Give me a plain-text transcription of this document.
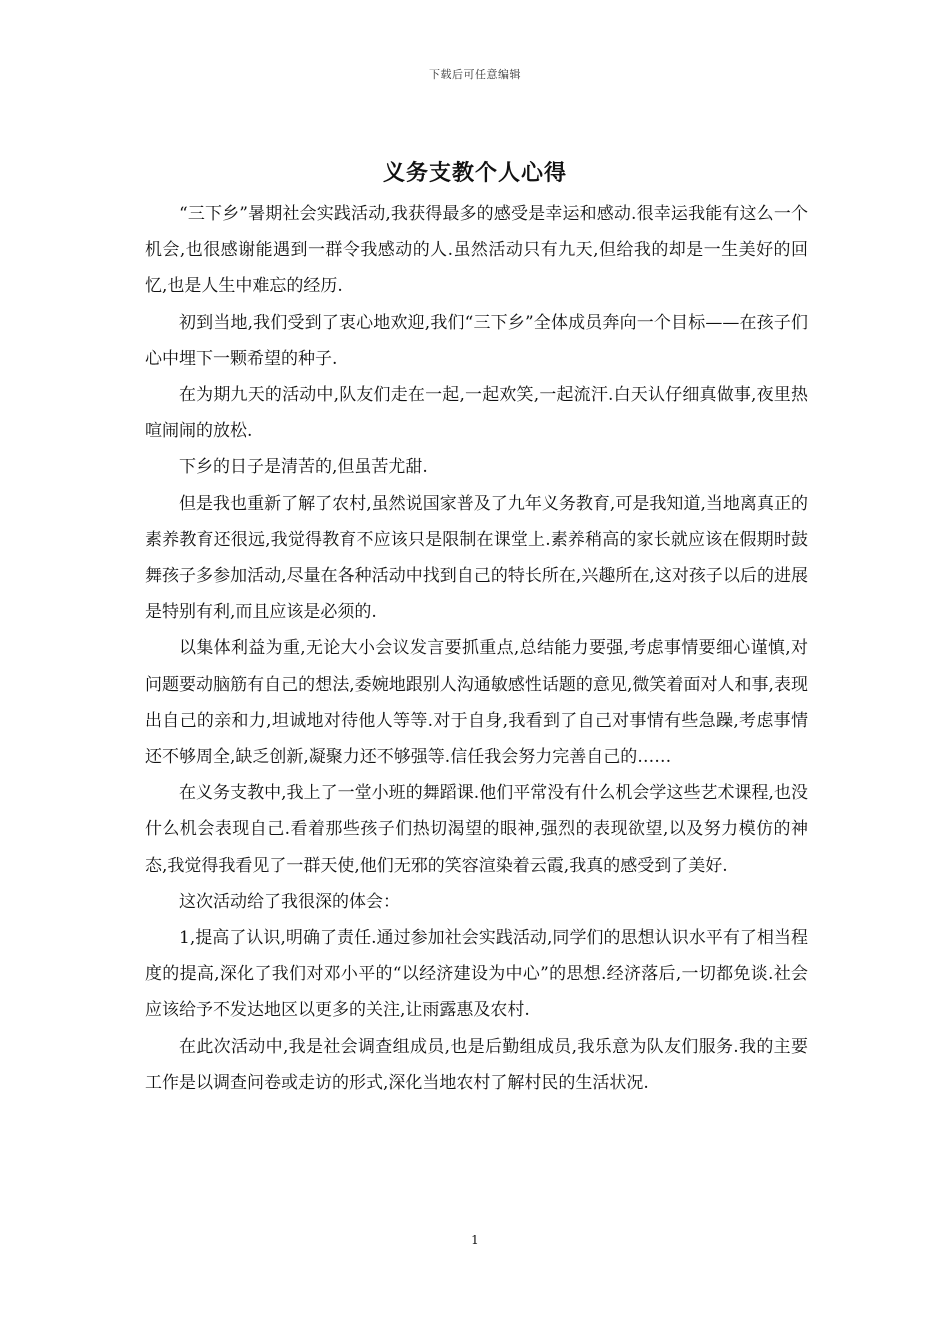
下载后可任意编辑
义务支教个人心得

“三下乡”暑期社会实践活动,我获得最多的感受是幸运和感动.很幸运我能有这么一个机会,也很感谢能遇到一群令我感动的人.虽然活动只有九天,但给我的却是一生美好的回忆,也是人生中难忘的经历.

初到当地,我们受到了衷心地欢迎,我们“三下乡”全体成员奔向一个目标——在孩子们心中埋下一颗希望的种子.

在为期九天的活动中,队友们走在一起,一起欢笑,一起流汗.白天认仔细真做事,夜里热喧闹闹的放松.

下乡的日子是清苦的,但虽苦尤甜.

但是我也重新了解了农村,虽然说国家普及了九年义务教育,可是我知道,当地离真正的素养教育还很远,我觉得教育不应该只是限制在课堂上.素养稍高的家长就应该在假期时鼓舞孩子多参加活动,尽量在各种活动中找到自己的特长所在,兴趣所在,这对孩子以后的进展是特别有利,而且应该是必须的.

以集体利益为重,无论大小会议发言要抓重点,总结能力要强,考虑事情要细心谨慎,对问题要动脑筋有自己的想法,委婉地跟别人沟通敏感性话题的意见,微笑着面对人和事,表现出自己的亲和力,坦诚地对待他人等等.对于自身,我看到了自己对事情有些急躁,考虑事情还不够周全,缺乏创新,凝聚力还不够强等.信任我会努力完善自己的……

在义务支教中,我上了一堂小班的舞蹈课.他们平常没有什么机会学这些艺术课程,也没什么机会表现自己.看着那些孩子们热切渴望的眼神,强烈的表现欲望,以及努力模仿的神态,我觉得我看见了一群天使,他们无邪的笑容渲染着云霞,我真的感受到了美好.

这次活动给了我很深的体会：

1,提高了认识,明确了责任.通过参加社会实践活动,同学们的思想认识水平有了相当程度的提高,深化了我们对邓小平的“以经济建设为中心”的思想.经济落后,一切都免谈.社会应该给予不发达地区以更多的关注,让雨露惠及农村.

在此次活动中,我是社会调查组成员,也是后勤组成员,我乐意为队友们服务.我的主要工作是以调查问卷或走访的形式,深化当地农村了解村民的生活状况.

1
